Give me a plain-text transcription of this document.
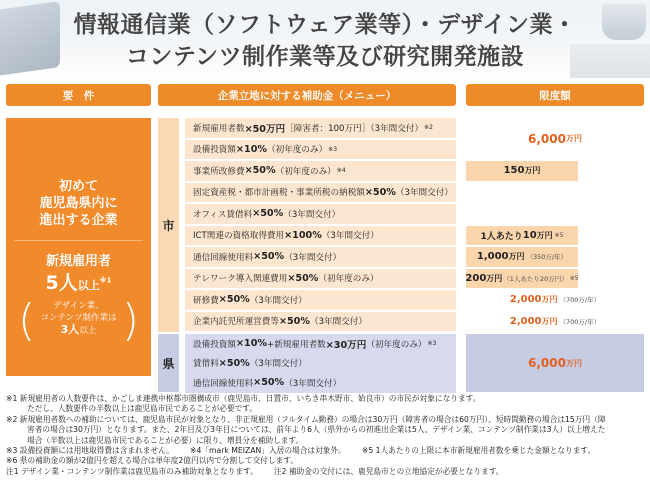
情報通信業（ソフトウェア業等）・デザイン業・
コンテンツ制作業等及び研究開発施設
要　件	企業立地に対する補助金（メニュー）	限度額
初めて
鹿児島県内に
進出する企業
新規雇用者
5人以上$^{※1}$
( )
デザイン業、
コンテンツ制作業は
3人以上
市
県
新規雇用者数 ×50万円 ［障害者：100万円］（3年間交付） ※2
設備投資額 ×10% （初年度のみ） ※3
事業所改修費 ×50% （初年度のみ） ※4
固定資産税・都市計画税・事業所税の納税額 ×50% （3年間交付）
オフィス賃借料 ×50% （3年間交付）
ICT関連の資格取得費用 ×100% （3年間交付）
通信回線使用料 ×50% （3年間交付）
テレワーク導入関連費用 ×50% （初年度のみ）
研修費 ×50% （3年間交付）
企業内託児所運営費等 ×50% （3年間交付）
設備投資額 ×10% +新規雇用者数 ×30万円 （初年度のみ） ※3
賃借料 ×50% （3年間交付）
通信回線使用料 ×50% （3年間交付）
6,000 万円
150 万円
1人あたり 10 万円 ※5
1,000 万円 （350万/年）
200 万円 （1人あたり20万円） ※5
2,000 万円 （700万/年）
2,000 万円 （700万/年）
6,000 万円
※1 新規雇用者の人数要件は、かごしま連携中枢都市圏構成市（鹿児島市、日置市、いちき串木野市、姶良市）の市民が対象になります。
ただし、人数要件の半数以上は鹿児島市民であることが必要です。
※2 新規雇用者数への補助については、鹿児島市民が対象となり、非正規雇用（フルタイム勤務）の場合は30万円（障害者の場合は60万円）、短時間勤務の場合は15万円（障
害者の場合は30万円）となります。また、2年目及び3年目については、前年より6人（県外からの初進出企業は5人、デザイン業、コンテンツ制作業は3人）以上増えた
場合（半数以上は鹿児島市民であることが必要）に限り、増員分を補助します。
※3 設備投資額には用地取得費は含まれません。 ※4「mark MEIZAN」入居の場合は対象外。 ※5 1人あたりの上限に本市新規雇用者数を乗じた金額となります。
※6 県の補助金の額が2億円を超える場合は単年度2億円以内で分割して交付します。
注1 デザイン業・コンテンツ制作業は鹿児島市のみ補助対象となります。 注2 補助金の交付には、鹿児島市との立地協定が必要となります。
